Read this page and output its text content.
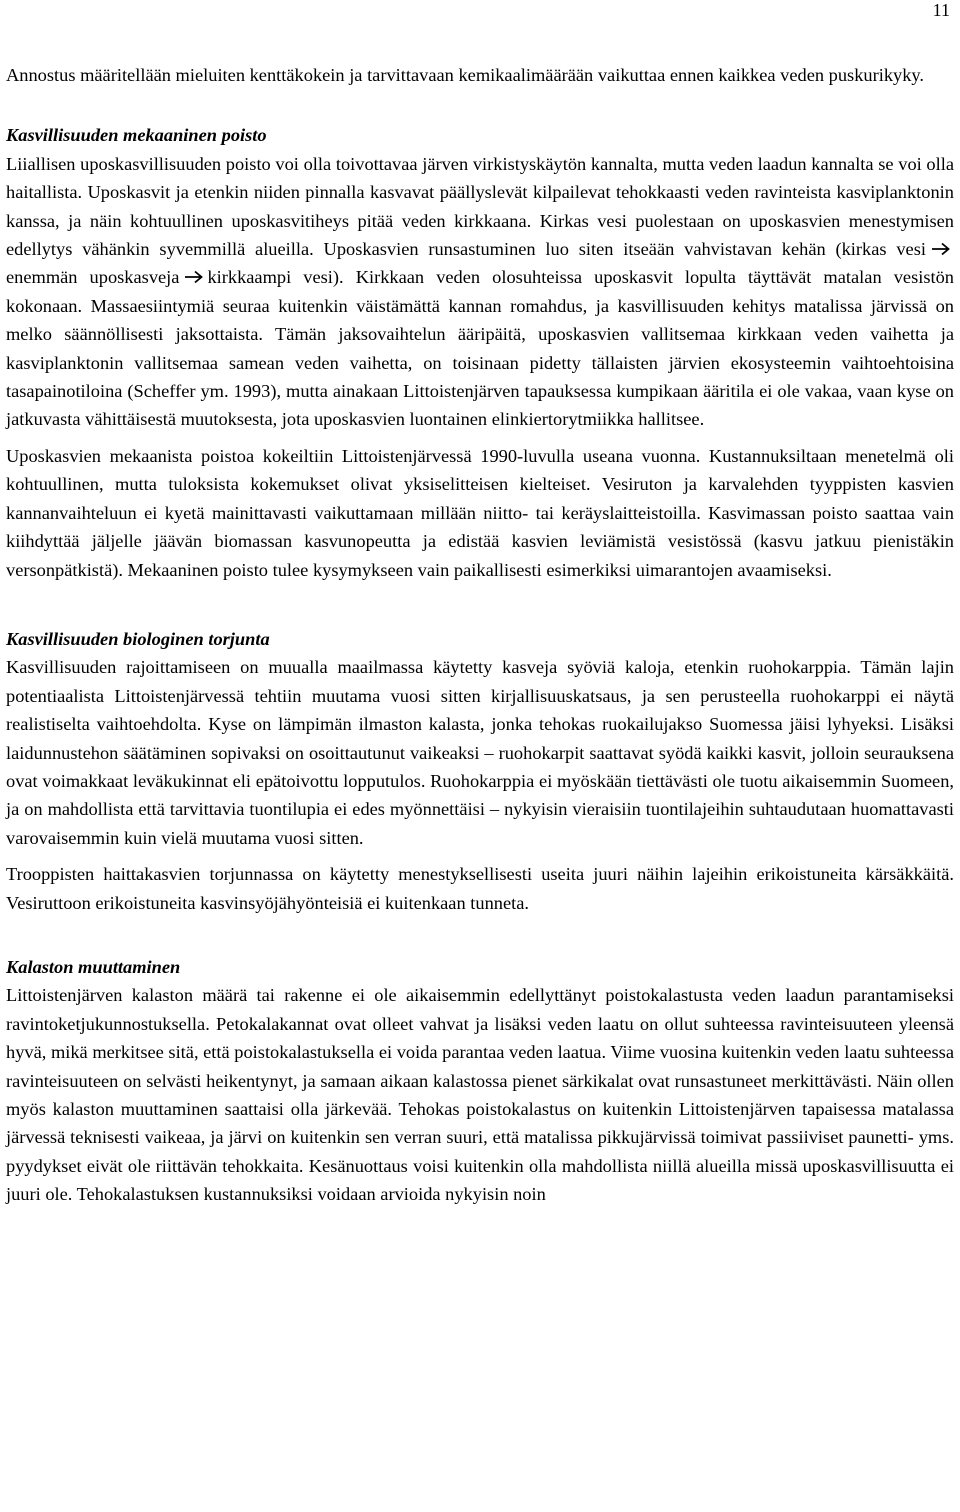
11

Annostus määritellään mieluiten kenttäkokein ja tarvittavaan kemikaalimäärään vaikuttaa ennen kaikkea veden puskurikyky.

Kasvillisuuden mekaaninen poisto

Liiallisen uposkasvillisuuden poisto voi olla toivottavaa järven virkistyskäytön kannalta, mutta veden laadun kannalta se voi olla haitallista. Uposkasvit ja etenkin niiden pinnalla kasvavat päällyslevät kilpailevat tehokkaasti veden ravinteista kasviplanktonin kanssa, ja näin kohtuullinen uposkasvitiheys pitää veden kirkkaana. Kirkas vesi puolestaan on uposkasvien menestymisen edellytys vähänkin syvemmillä alueilla. Uposkasvien runsastuminen luo siten itseään vahvistavan kehän (kirkas vesienemmän uposkasveja kirkkaampi vesi). Kirkkaan veden olosuhteissa uposkasvit lopulta täyttävät matalan vesistön kokonaan. Massaesiintymiä seuraa kuitenkin väistämättä kannan romahdus, ja kasvillisuuden kehitys matalissa järvissä on melko säännöllisesti jaksottaista. Tämän jaksovaihtelun ääripäitä, uposkasvien vallitsemaa kirkkaan veden vaihetta ja kasviplanktonin vallitsemaa samean veden vaihetta, on toisinaan pidetty tällaisten järvien ekosysteemin vaihtoehtoisina tasapainotiloina (Scheffer ym. 1993), mutta ainakaan Littoistenjärven tapauksessa kumpikaan ääritila ei ole vakaa, vaan kyse on jatkuvasta vähittäisestä muutoksesta, jota uposkasvien luontainen elinkiertorytmiikka hallitsee.

Uposkasvien mekaanista poistoa kokeiltiin Littoistenjärvessä 1990-luvulla useana vuonna. Kustannuksiltaan menetelmä oli kohtuullinen, mutta tuloksista kokemukset olivat yksiselitteisen kielteiset. Vesiruton ja karvalehden tyyppisten kasvien kannanvaihteluun ei kyetä mainittavasti vaikuttamaan millään niitto- tai keräyslaitteistoilla. Kasvimassan poisto saattaa vain kiihdyttää jäljelle jäävän biomassan kasvunopeutta ja edistää kasvien leviämistä vesistössä (kasvu jatkuu pienistäkin versonpätkistä). Mekaaninen poisto tulee kysymykseen vain paikallisesti esimerkiksi uimarantojen avaamiseksi.

Kasvillisuuden biologinen torjunta

Kasvillisuuden rajoittamiseen on muualla maailmassa käytetty kasveja syöviä kaloja, etenkin ruohokarppia. Tämän lajin potentiaalista Littoistenjärvessä tehtiin muutama vuosi sitten kirjallisuuskatsaus, ja sen perusteella ruohokarppi ei näytä realistiselta vaihtoehdolta. Kyse on lämpimän ilmaston kalasta, jonka tehokas ruokailujakso Suomessa jäisi lyhyeksi. Lisäksi laidunnustehon säätäminen sopivaksi on osoittautunut vaikeaksi – ruohokarpit saattavat syödä kaikki kasvit, jolloin seurauksena ovat voimakkaat leväkukinnat eli epätoivottu lopputulos. Ruohokarppia ei myöskään tiettävästi ole tuotu aikaisemmin Suomeen, ja on mahdollista että tarvittavia tuontilupia ei edes myönnettäisi – nykyisin vieraisiin tuontilajeihin suhtaudutaan huomattavasti varovaisemmin kuin vielä muutama vuosi sitten.

Trooppisten haittakasvien torjunnassa on käytetty menestyksellisesti useita juuri näihin lajeihin erikoistuneita kärsäkkäitä. Vesiruttoon erikoistuneita kasvinsyöjähyönteisiä ei kuitenkaan tunneta.

Kalaston muuttaminen

Littoistenjärven kalaston määrä tai rakenne ei ole aikaisemmin edellyttänyt poistokalastusta veden laadun parantamiseksi ravintoketjukunnostuksella. Petokalakannat ovat olleet vahvat ja lisäksi veden laatu on ollut suhteessa ravinteisuuteen yleensä hyvä, mikä merkitsee sitä, että poistokalastuksella ei voida parantaa veden laatua. Viime vuosina kuitenkin veden laatu suhteessa ravinteisuuteen on selvästi heikentynyt, ja samaan aikaan kalastossa pienet särkikalat ovat runsastuneet merkittävästi. Näin ollen myös kalaston muuttaminen saattaisi olla järkevää. Tehokas poistokalastus on kuitenkin Littoistenjärven tapaisessa matalassa järvessä teknisesti vaikeaa, ja järvi on kuitenkin sen verran suuri, että matalissa pikkujärvissä toimivat passiiviset paunetti- yms. pyydykset eivät ole riittävän tehokkaita. Kesänuottaus voisi kuitenkin olla mahdollista niillä alueilla missä uposkasvillisuutta ei juuri ole. Tehokalastuksen kustannuksiksi voidaan arvioida nykyisin noin
